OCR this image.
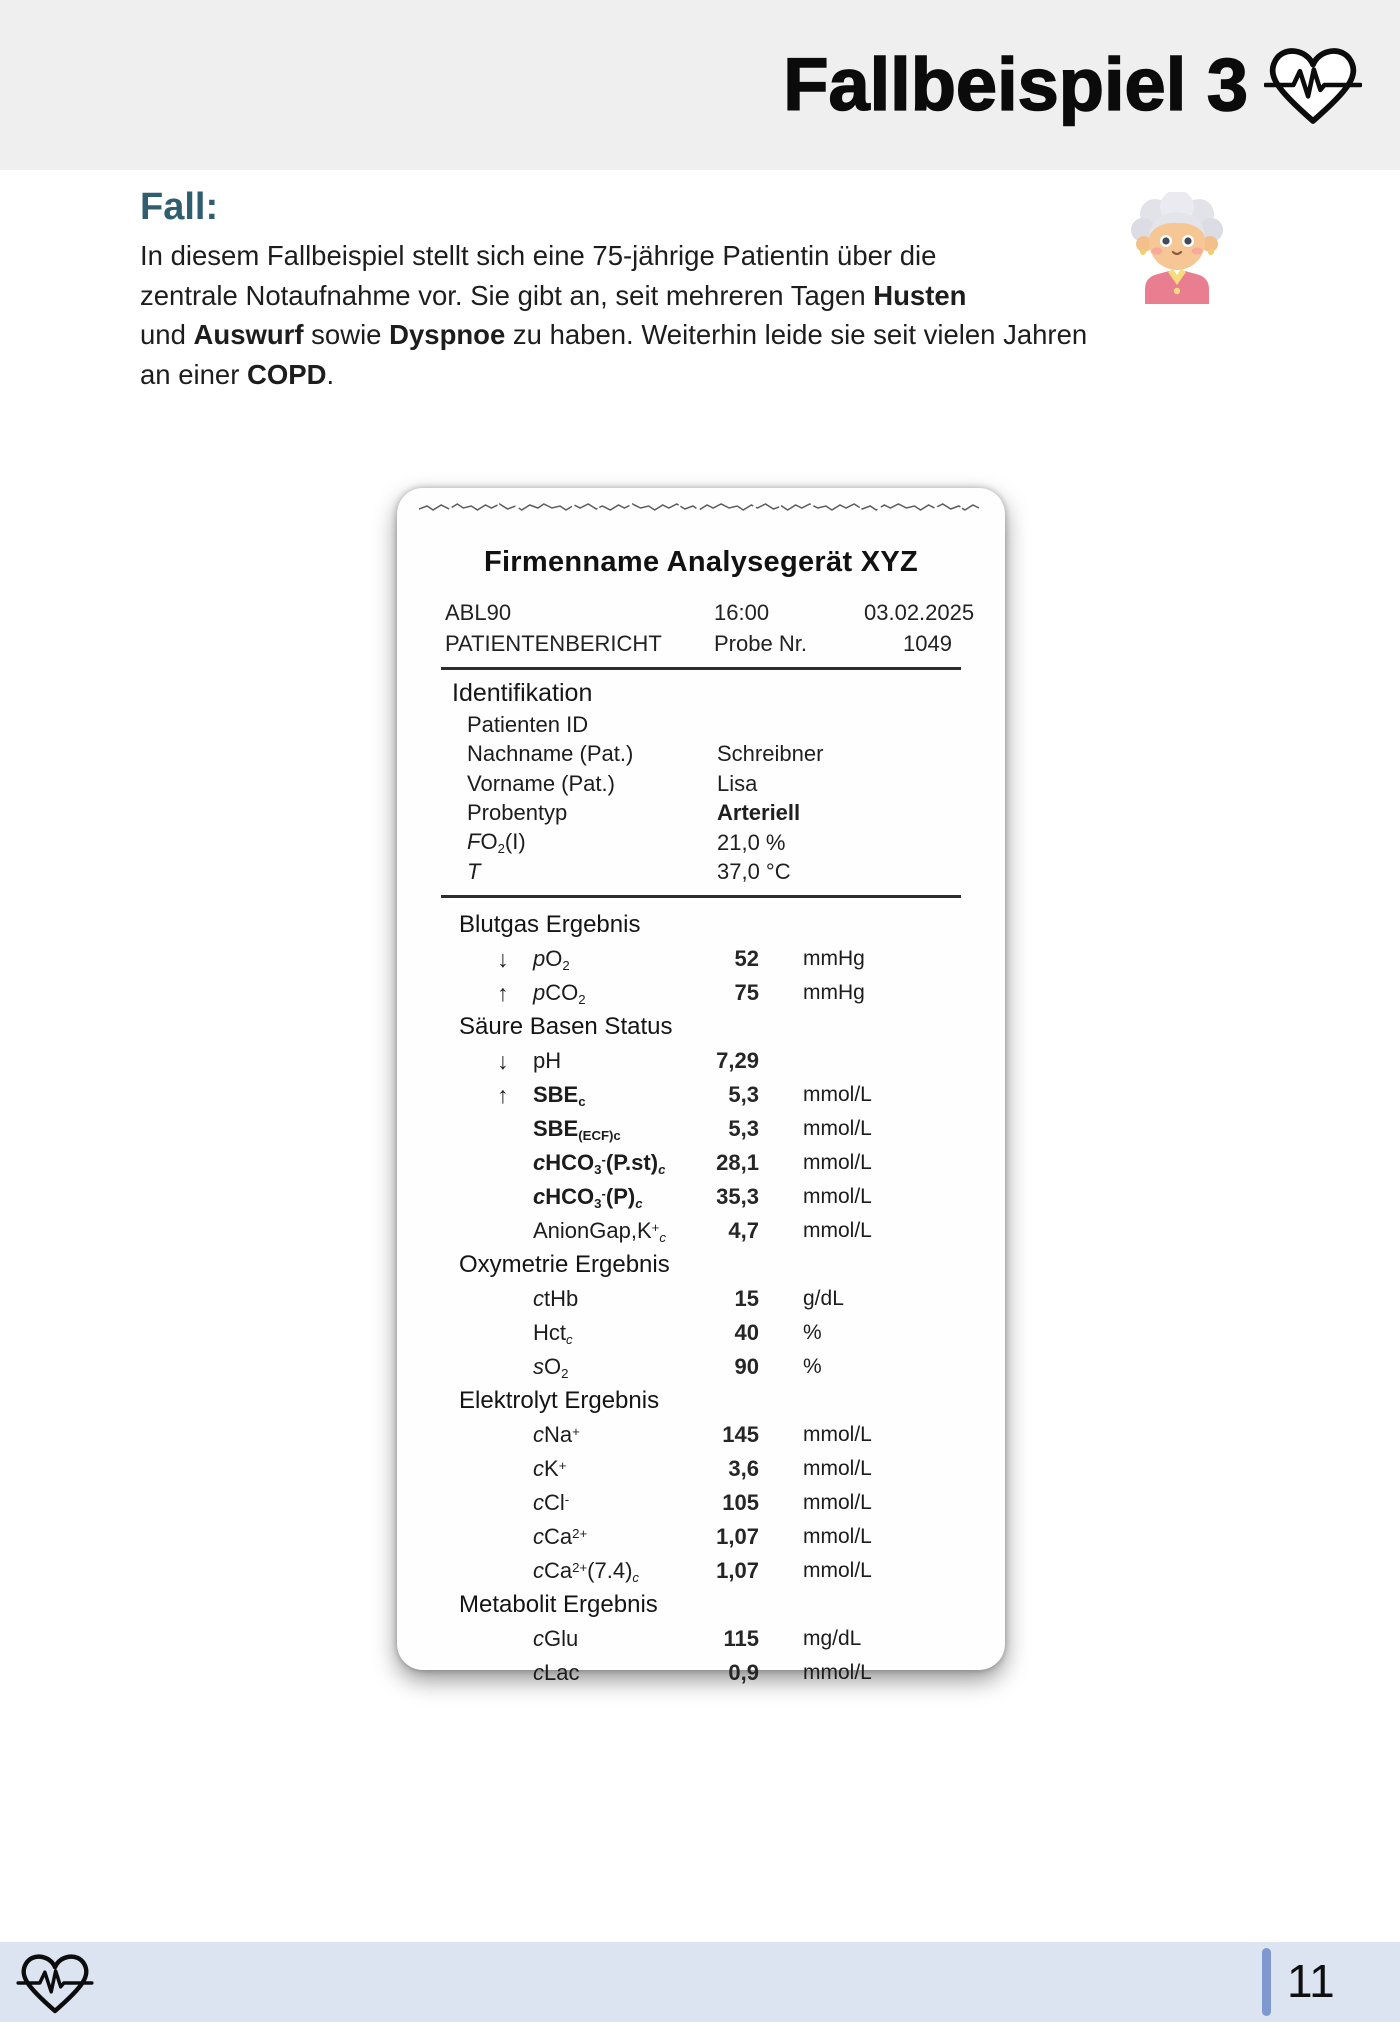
Fallbeispiel 3
Fall:
In diesem Fallbeispiel stellt sich eine 75-jährige Patientin über die
zentrale Notaufnahme vor. Sie gibt an, seit mehreren Tagen Husten
und Auswurf sowie Dyspnoe zu haben. Weiterhin leide sie seit vielen Jahren
an einer COPD.
Firmenname Analysegerät XYZ
ABL90	16:00	03.02.2025
PATIENTENBERICHT	Probe Nr.	1049
Identifikation
Patienten ID
Nachname (Pat.)	Schreibner
Vorname (Pat.)	Lisa
Probentyp	Arteriell
FO2(I)	21,0 %
T	37,0 °C
Blutgas Ergebnis
↓	pO2	52	mmHg
↑	pCO2	75	mmHg
Säure Basen Status
↓	pH	7,29
↑	SBEc	5,3	mmol/L
SBE(ECF)c	5,3	mmol/L
cHCO3-(P.st)c	28,1	mmol/L
cHCO3-(P)c	35,3	mmol/L
AnionGap,K+c	4,7	mmol/L
Oxymetrie Ergebnis
ctHb	15	g/dL
Hctc	40	%
sO2	90	%
Elektrolyt Ergebnis
cNa+	145	mmol/L
cK+	3,6	mmol/L
cCl-	105	mmol/L
cCa$^{2+}$	1,07	mmol/L
cCa$^{2+}$(7.4)c	1,07	mmol/L
Metabolit Ergebnis
cGlu	115	mg/dL
cLac	0,9	mmol/L
11
